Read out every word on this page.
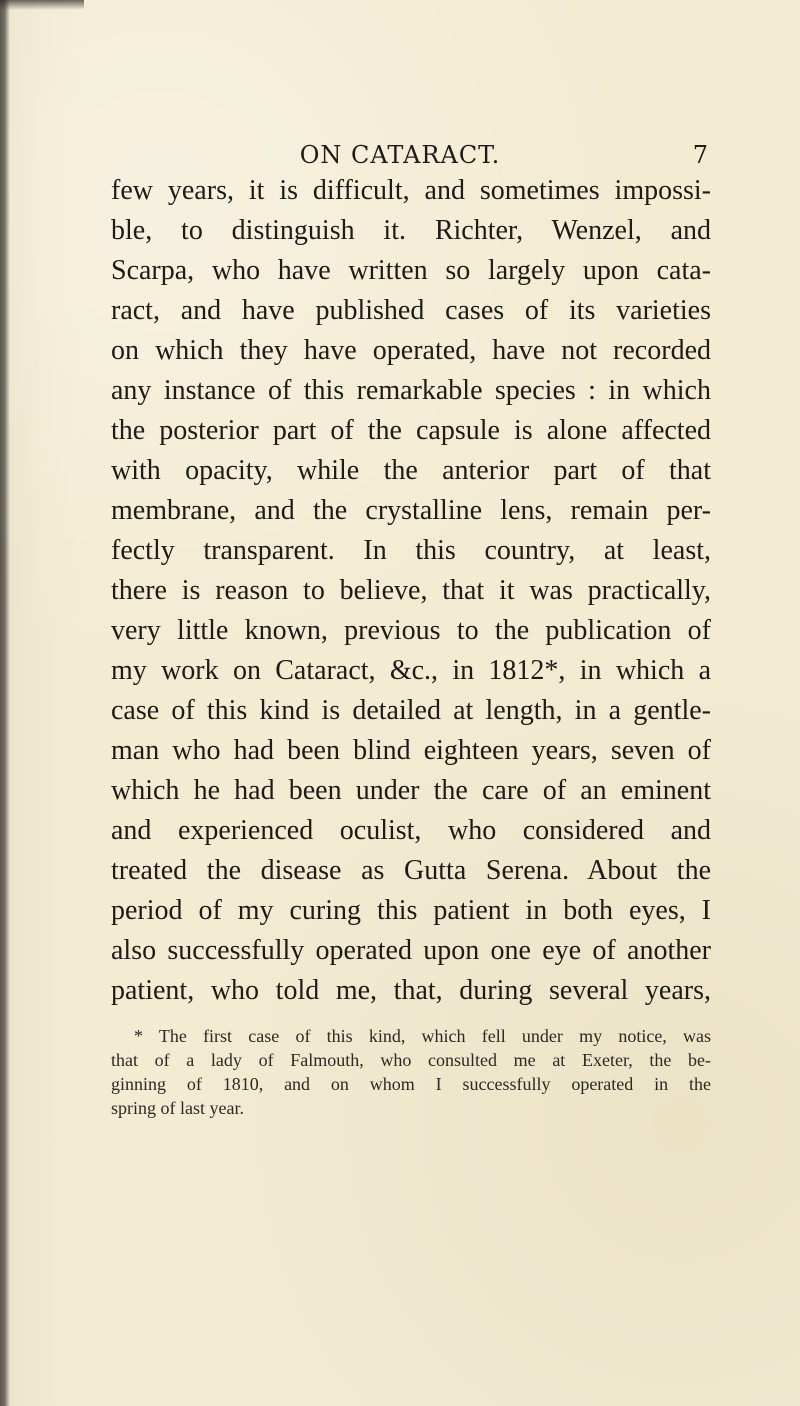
ON CATARACT.	7
few years, it is difficult, and sometimes impossi-
ble, to distinguish it. Richter, Wenzel, and
Scarpa, who have written so largely upon cata-
ract, and have published cases of its varieties
on which they have operated, have not recorded
any instance of this remarkable species : in which
the posterior part of the capsule is alone affected
with opacity, while the anterior part of that
membrane, and the crystalline lens, remain per-
fectly transparent. In this country, at least,
there is reason to believe, that it was practically,
very little known, previous to the publication of
my work on Cataract, &c., in 1812*, in which a
case of this kind is detailed at length, in a gentle-
man who had been blind eighteen years, seven of
which he had been under the care of an eminent
and experienced oculist, who considered and
treated the disease as Gutta Serena. About the
period of my curing this patient in both eyes, I
also successfully operated upon one eye of another
patient, who told me, that, during several years,
* The first case of this kind, which fell under my notice, was
that of a lady of Falmouth, who consulted me at Exeter, the be-
ginning of 1810, and on whom I successfully operated in the
spring of last year.
